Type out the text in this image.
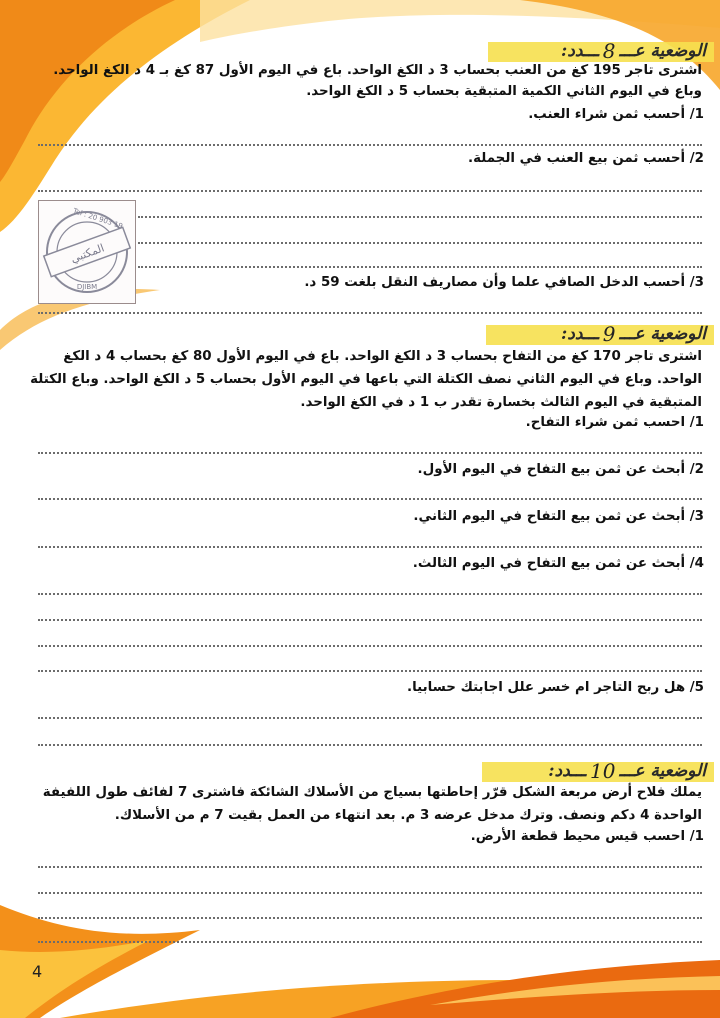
الوضعية عـــ
8
ـــدد:
اشترى تاجر 195 كغ من العنب بحساب 3 د الكغ الواحد. باع في اليوم الأول 87 كغ بـ 4 د الكغ الواحد.
وباع في اليوم الثاني الكمية المتبقية بحساب 5 د الكغ الواحد.
1/ أحسب ثمن شراء العنب.
2/ أحسب ثمن بيع العنب في الجملة.
3/ أحسب الدخل الصافي علما وأن مصاريف النقل بلغت 59 د.
المكتبي
Tel : 20 903 19
DJIBM
الوضعية عـــ
9
ـــدد:
اشترى تاجر 170 كغ من التفاح بحساب 3 د الكغ الواحد. باع في اليوم الأول 80 كغ بحساب 4 د الكغ
الواحد. وباع في اليوم الثاني نصف الكتلة التي باعها في اليوم الأول بحساب 5 د الكغ الواحد. وباع الكتلة
المتبقية في اليوم الثالث بخسارة تقدر ب 1 د في الكغ الواحد.
1/ احسب ثمن شراء التفاح.
2/ أبحث عن ثمن بيع التفاح في اليوم الأول.
3/ أبحث عن ثمن بيع التفاح في اليوم الثاني.
4/ أبحث عن ثمن بيع التفاح في اليوم الثالث.
5/ هل ربح التاجر ام خسر علل اجابتك حسابيا.
الوضعية عـــ
10
ـــدد:
يملك فلاح أرض مربعة الشكل قرّر إحاطتها بسياج من الأسلاك الشائكة فاشترى 7 لفائف طول اللفيفة
الواحدة 4 دكم ونصف. وترك مدخل عرضه 3 م. بعد انتهاء من العمل بقيت 7 م من الأسلاك.
1/ احسب قيس محيط قطعة الأرض.
4
